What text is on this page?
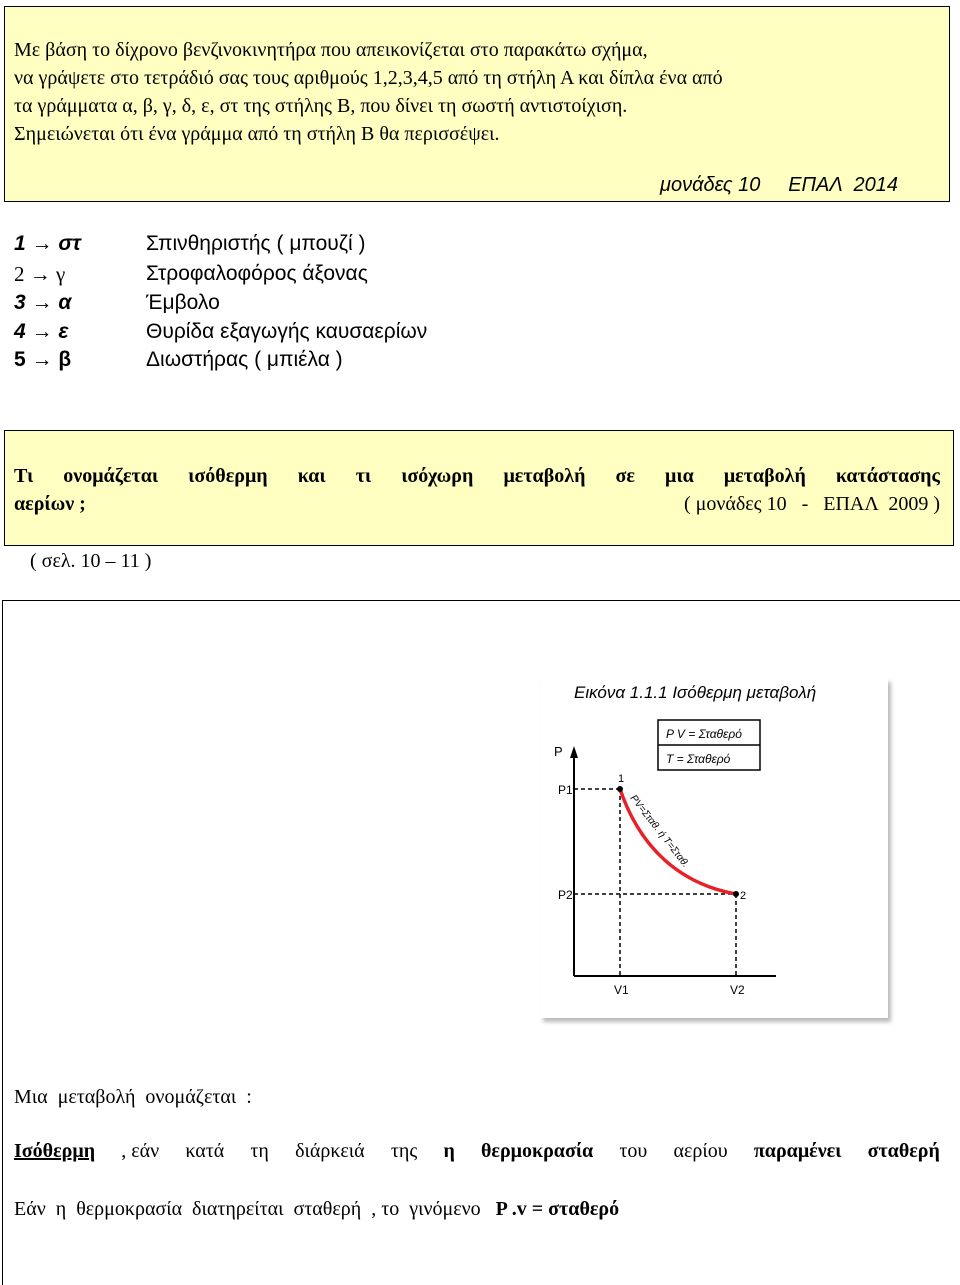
Με βάση το δίχρονο βενζινοκινητήρα που απεικονίζεται στο παρακάτω σχήμα,
να γράψετε στο τετράδιό σας τους αριθμούς 1,2,3,4,5 από τη στήλη Α και δίπλα ένα από
τα γράμματα α, β, γ, δ, ε, στ της στήλης Β, που δίνει τη σωστή αντιστοίχιση.
Σημειώνεται ότι ένα γράμμα από τη στήλη Β θα περισσέψει.
μονάδες 10 ΕΠΑΛ  2014
1 → στ	Σπινθηριστής ( μπουζί )
2 → γ	Στροφαλοφόρος άξονας
3 → α	Έμβολο
4 → ε	Θυρίδα εξαγωγής καυσαερίων
5 → β	Διωστήρας ( μπιέλα )
Τι ονομάζεται ισόθερμη και τι ισόχωρη μεταβολή σε μια μεταβολή κατάστασης
αερίων ;	( μονάδες 10   -   ΕΠΑΛ  2009 )
( σελ. 10 – 11 )
Εικόνα 1.1.1 Ισόθερμη μεταβολή
P V = Σταθερό
T = Σταθερό
P
1
2
P1
P2
V1	V2
PV=Σταθ. ή T=Σταθ.
Μια  μεταβολή  ονομάζεται  :
Ισόθερμη , εάν κατά τη διάρκειά της η θερμοκρασία του αερίου παραμένει σταθερή
Εάν  η  θερμοκρασία  διατηρείται  σταθερή  , το  γινόμενο   P .v = σταθερό
